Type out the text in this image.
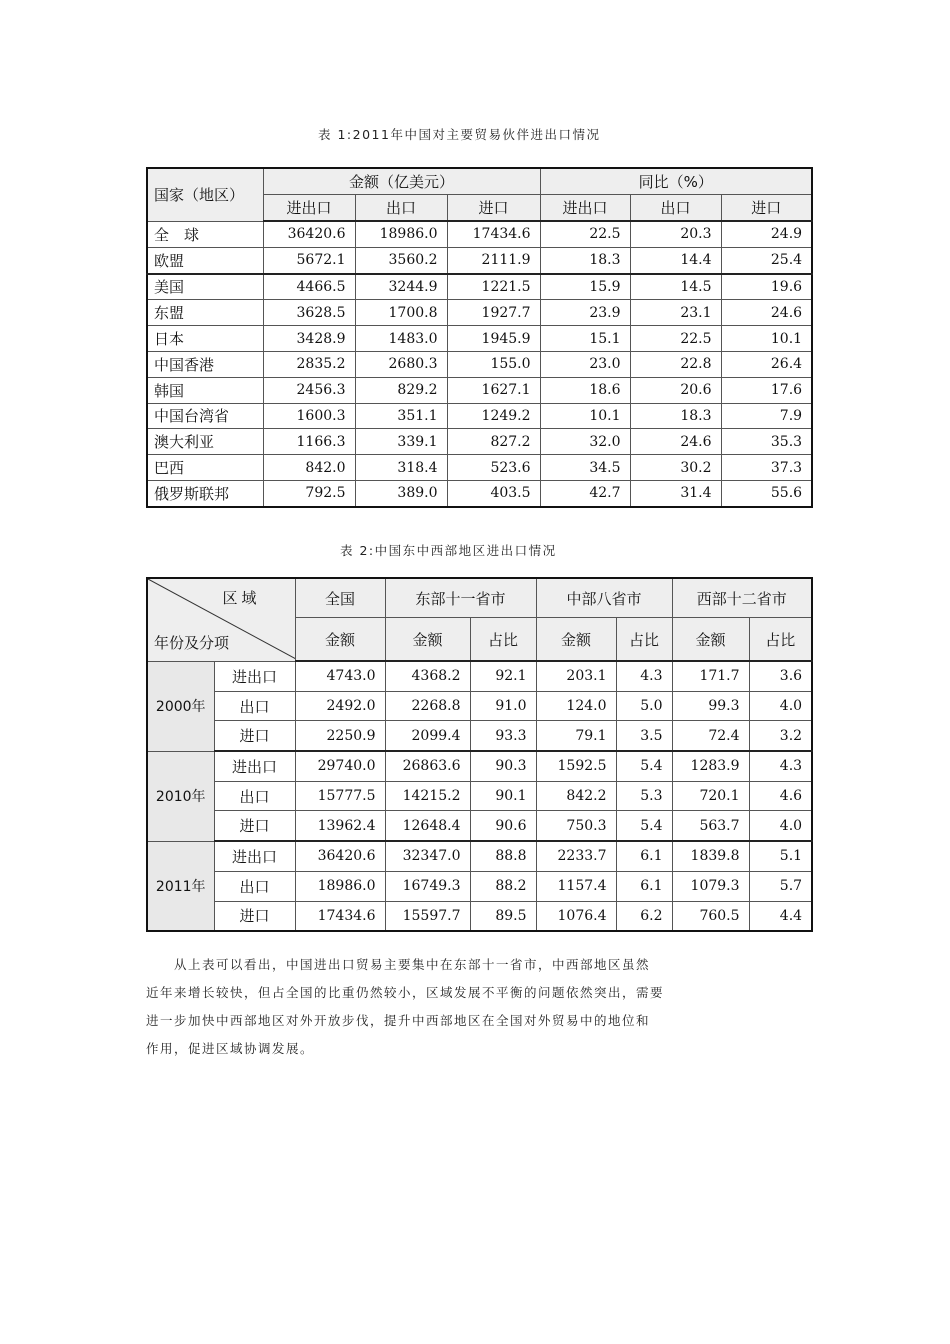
表 1:2011年中国对主要贸易伙伴进出口情况
国家（地区）	金额（亿美元）			同比（%）		
	进出口	出口	进口	进出口	出口	进口
全　球	36420.6	18986.0	17434.6	22.5	20.3	24.9
欧盟	5672.1	3560.2	2111.9	18.3	14.4	25.4
美国	4466.5	3244.9	1221.5	15.9	14.5	19.6
东盟	3628.5	1700.8	1927.7	23.9	23.1	24.6
日本	3428.9	1483.0	1945.9	15.1	22.5	10.1
中国香港	2835.2	2680.3	155.0	23.0	22.8	26.4
韩国	2456.3	829.2	1627.1	18.6	20.6	17.6
中国台湾省	1600.3	351.1	1249.2	10.1	18.3	7.9
澳大利亚	1166.3	339.1	827.2	32.0	24.6	35.3
巴西	842.0	318.4	523.6	34.5	30.2	37.3
俄罗斯联邦	792.5	389.0	403.5	42.7	31.4	55.6
表 2:中国东中西部地区进出口情况
区域
年份及分项		全国	东部十一省市		中部八省市		西部十二省市	
		金额	金额	占比	金额	占比	金额	占比
2000年	进出口	4743.0	4368.2	92.1	203.1	4.3	171.7	3.6
	出口	2492.0	2268.8	91.0	124.0	5.0	99.3	4.0
	进口	2250.9	2099.4	93.3	79.1	3.5	72.4	3.2
2010年	进出口	29740.0	26863.6	90.3	1592.5	5.4	1283.9	4.3
	出口	15777.5	14215.2	90.1	842.2	5.3	720.1	4.6
	进口	13962.4	12648.4	90.6	750.3	5.4	563.7	4.0
2011年	进出口	36420.6	32347.0	88.8	2233.7	6.1	1839.8	5.1
	出口	18986.0	16749.3	88.2	1157.4	6.1	1079.3	5.7
	进口	17434.6	15597.7	89.5	1076.4	6.2	760.5	4.4
　　从上表可以看出，中国进出口贸易主要集中在东部十一省市，中西部地区虽然
近年来增长较快，但占全国的比重仍然较小，区域发展不平衡的问题依然突出，需要
进一步加快中西部地区对外开放步伐，提升中西部地区在全国对外贸易中的地位和
作用，促进区域协调发展。
